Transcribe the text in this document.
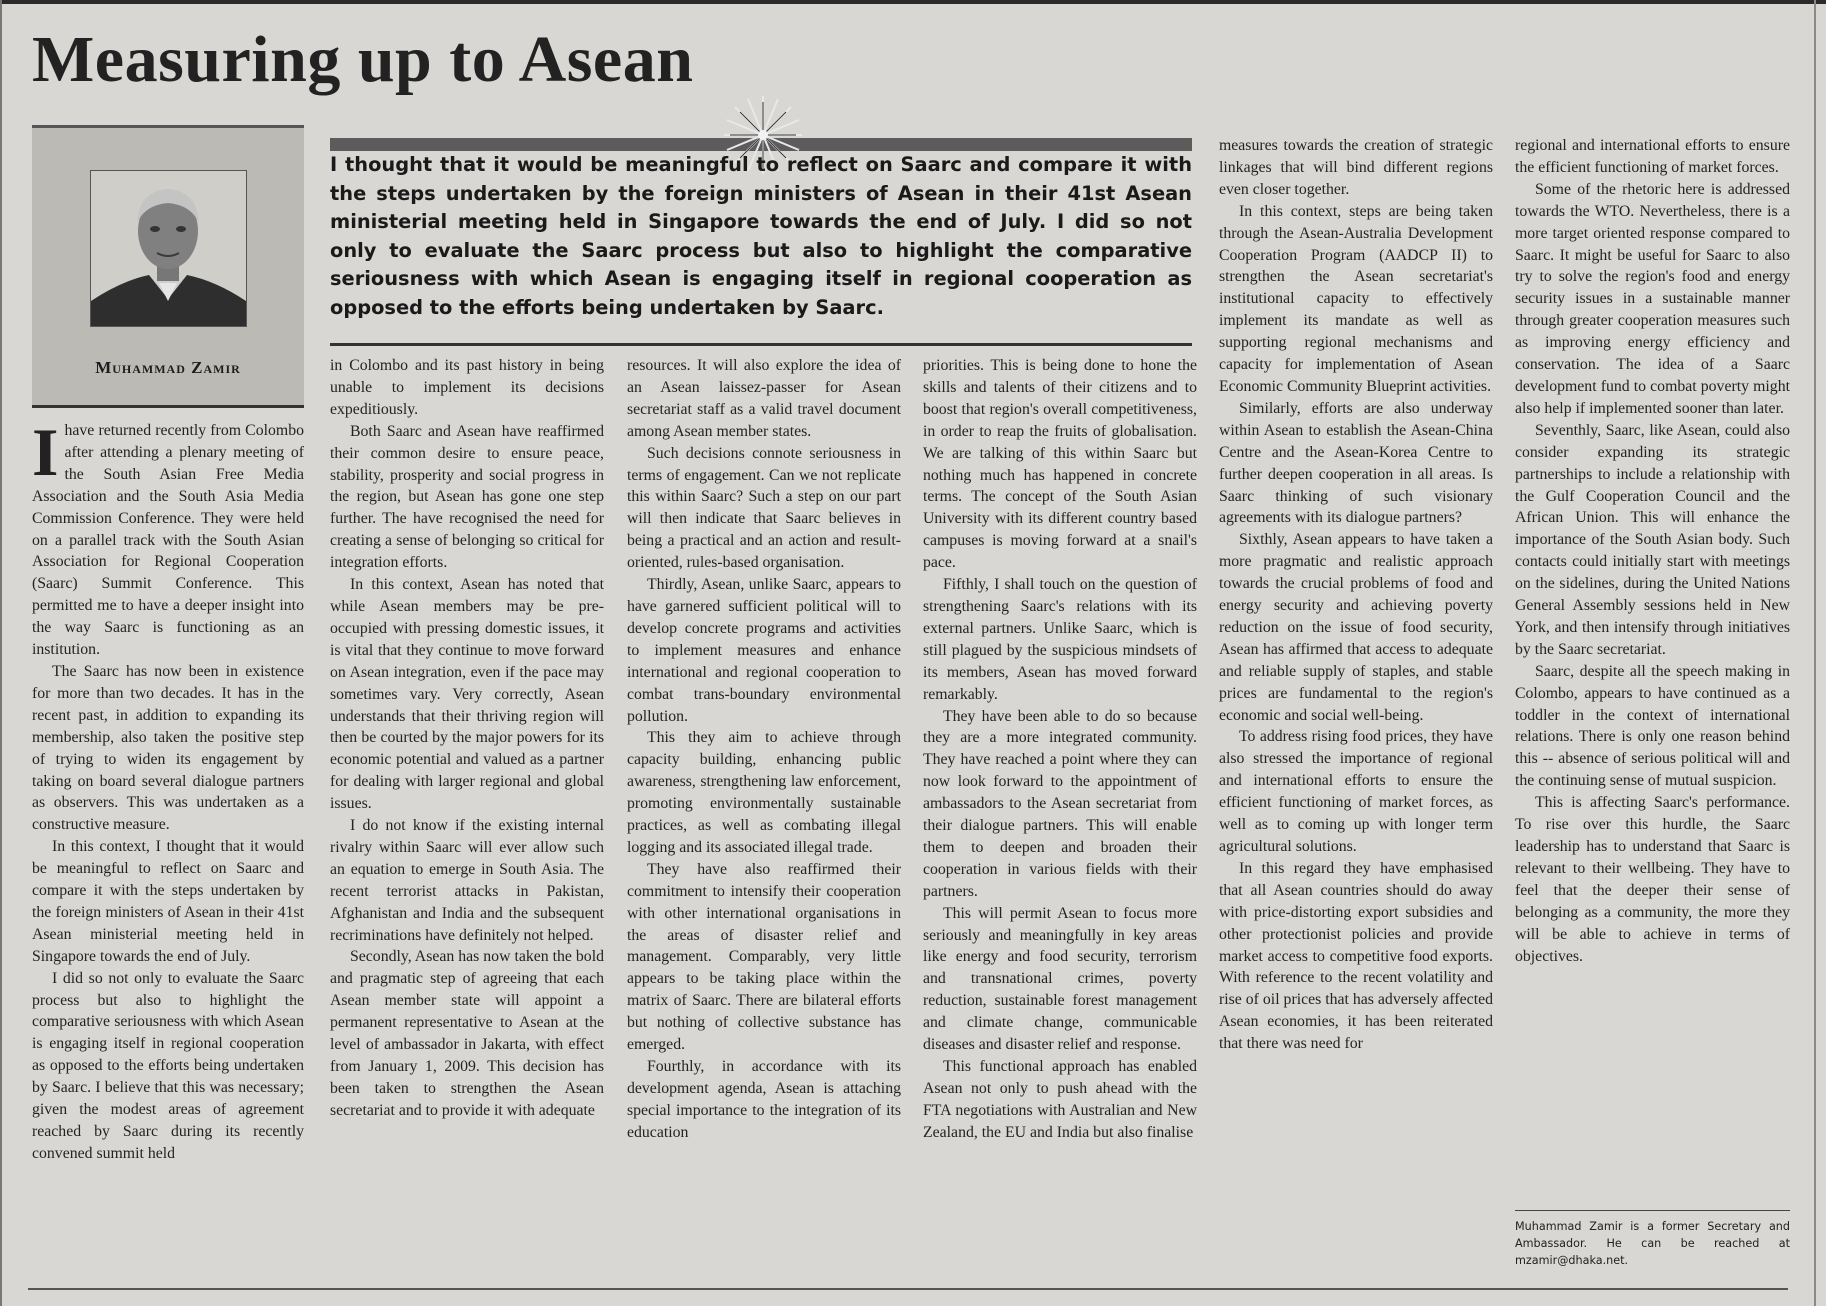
Measuring up to Asean
Muhammad Zamir

I thought that it would be meaningful to reflect on Saarc and compare it with the steps undertaken by the foreign ministers of Asean in their 41st Asean ministerial meeting held in Singapore towards the end of July. I did so not only to evaluate the Saarc process but also to highlight the comparative seriousness with which Asean is engaging itself in regional cooperation as opposed to the efforts being undertaken by Saarc.

Ihave returned recently from Colombo after attending a plenary meeting of the South Asian Free Media Association and the South Asia Media Commission Conference. They were held on a parallel track with the South Asian Association for Regional Cooperation (Saarc) Summit Conference. This permitted me to have a deeper insight into the way Saarc is functioning as an institution.

The Saarc has now been in existence for more than two decades. It has in the recent past, in addition to expanding its membership, also taken the positive step of trying to widen its engagement by taking on board several dialogue partners as observers. This was undertaken as a constructive measure.

In this context, I thought that it would be meaningful to reflect on Saarc and compare it with the steps undertaken by the foreign ministers of Asean in their 41st Asean ministerial meeting held in Singapore towards the end of July.

I did so not only to evaluate the Saarc process but also to highlight the comparative seriousness with which Asean is engaging itself in regional cooperation as opposed to the efforts being undertaken by Saarc. I believe that this was necessary; given the modest areas of agreement reached by Saarc during its recently convened summit held

in Colombo and its past history in being unable to implement its decisions expeditiously.

Both Saarc and Asean have reaffirmed their common desire to ensure peace, stability, prosperity and social progress in the region, but Asean has gone one step further. The have recognised the need for creating a sense of belonging so critical for integration efforts.

In this context, Asean has noted that while Asean members may be pre-occupied with pressing domestic issues, it is vital that they continue to move forward on Asean integration, even if the pace may sometimes vary. Very correctly, Asean understands that their thriving region will then be courted by the major powers for its economic potential and valued as a partner for dealing with larger regional and global issues.

I do not know if the existing internal rivalry within Saarc will ever allow such an equation to emerge in South Asia. The recent terrorist attacks in Pakistan, Afghanistan and India and the subsequent recriminations have definitely not helped.

Secondly, Asean has now taken the bold and pragmatic step of agreeing that each Asean member state will appoint a permanent representative to Asean at the level of ambassador in Jakarta, with effect from January 1, 2009. This decision has been taken to strengthen the Asean secretariat and to provide it with adequate

resources. It will also explore the idea of an Asean laissez-passer for Asean secretariat staff as a valid travel document among Asean member states.

Such decisions connote seriousness in terms of engagement. Can we not replicate this within Saarc? Such a step on our part will then indicate that Saarc believes in being a practical and an action and result-oriented, rules-based organisation.

Thirdly, Asean, unlike Saarc, appears to have garnered sufficient political will to develop concrete programs and activities to implement measures and enhance international and regional cooperation to combat trans-boundary environmental pollution.

This they aim to achieve through capacity building, enhancing public awareness, strengthening law enforcement, promoting environmentally sustainable practices, as well as combating illegal logging and its associated illegal trade.

They have also reaffirmed their commitment to intensify their cooperation with other international organisations in the areas of disaster relief and management. Comparably, very little appears to be taking place within the matrix of Saarc. There are bilateral efforts but nothing of collective substance has emerged.

Fourthly, in accordance with its development agenda, Asean is attaching special importance to the integration of its education

priorities. This is being done to hone the skills and talents of their citizens and to boost that region's overall competitiveness, in order to reap the fruits of globalisation. We are talking of this within Saarc but nothing much has happened in concrete terms. The concept of the South Asian University with its different country based campuses is moving forward at a snail's pace.

Fifthly, I shall touch on the question of strengthening Saarc's relations with its external partners. Unlike Saarc, which is still plagued by the suspicious mindsets of its members, Asean has moved forward remarkably.

They have been able to do so because they are a more integrated community. They have reached a point where they can now look forward to the appointment of ambassadors to the Asean secretariat from their dialogue partners. This will enable them to deepen and broaden their cooperation in various fields with their partners.

This will permit Asean to focus more seriously and meaningfully in key areas like energy and food security, terrorism and transnational crimes, poverty reduction, sustainable forest management and climate change, communicable diseases and disaster relief and response.

This functional approach has enabled Asean not only to push ahead with the FTA negotiations with Australian and New Zealand, the EU and India but also finalise

measures towards the creation of strategic linkages that will bind different regions even closer together.

In this context, steps are being taken through the Asean-Australia Development Cooperation Program (AADCP II) to strengthen the Asean secretariat's institutional capacity to effectively implement its mandate as well as supporting regional mechanisms and capacity for implementation of Asean Economic Community Blueprint activities.

Similarly, efforts are also underway within Asean to establish the Asean-China Centre and the Asean-Korea Centre to further deepen cooperation in all areas. Is Saarc thinking of such visionary agreements with its dialogue partners?

Sixthly, Asean appears to have taken a more pragmatic and realistic approach towards the crucial problems of food and energy security and achieving poverty reduction on the issue of food security, Asean has affirmed that access to adequate and reliable supply of staples, and stable prices are fundamental to the region's economic and social well-being.

To address rising food prices, they have also stressed the importance of regional and international efforts to ensure the efficient functioning of market forces, as well as to coming up with longer term agricultural solutions.

In this regard they have emphasised that all Asean countries should do away with price-distorting export subsidies and other protectionist policies and provide market access to competitive food exports. With reference to the recent volatility and rise of oil prices that has adversely affected Asean economies, it has been reiterated that there was need for

regional and international efforts to ensure the efficient functioning of market forces.

Some of the rhetoric here is addressed towards the WTO. Nevertheless, there is a more target oriented response compared to Saarc. It might be useful for Saarc to also try to solve the region's food and energy security issues in a sustainable manner through greater cooperation measures such as improving energy efficiency and conservation. The idea of a Saarc development fund to combat poverty might also help if implemented sooner than later.

Seventhly, Saarc, like Asean, could also consider expanding its strategic partnerships to include a relationship with the Gulf Cooperation Council and the African Union. This will enhance the importance of the South Asian body. Such contacts could initially start with meetings on the sidelines, during the United Nations General Assembly sessions held in New York, and then intensify through initiatives by the Saarc secretariat.

Saarc, despite all the speech making in Colombo, appears to have continued as a toddler in the context of international relations. There is only one reason behind this -- absence of serious political will and the continuing sense of mutual suspicion.

This is affecting Saarc's performance. To rise over this hurdle, the Saarc leadership has to understand that Saarc is relevant to their wellbeing. They have to feel that the deeper their sense of belonging as a community, the more they will be able to achieve in terms of objectives.

Muhammad Zamir is a former Secretary and Ambassador. He can be reached at mzamir@dhaka.net.
